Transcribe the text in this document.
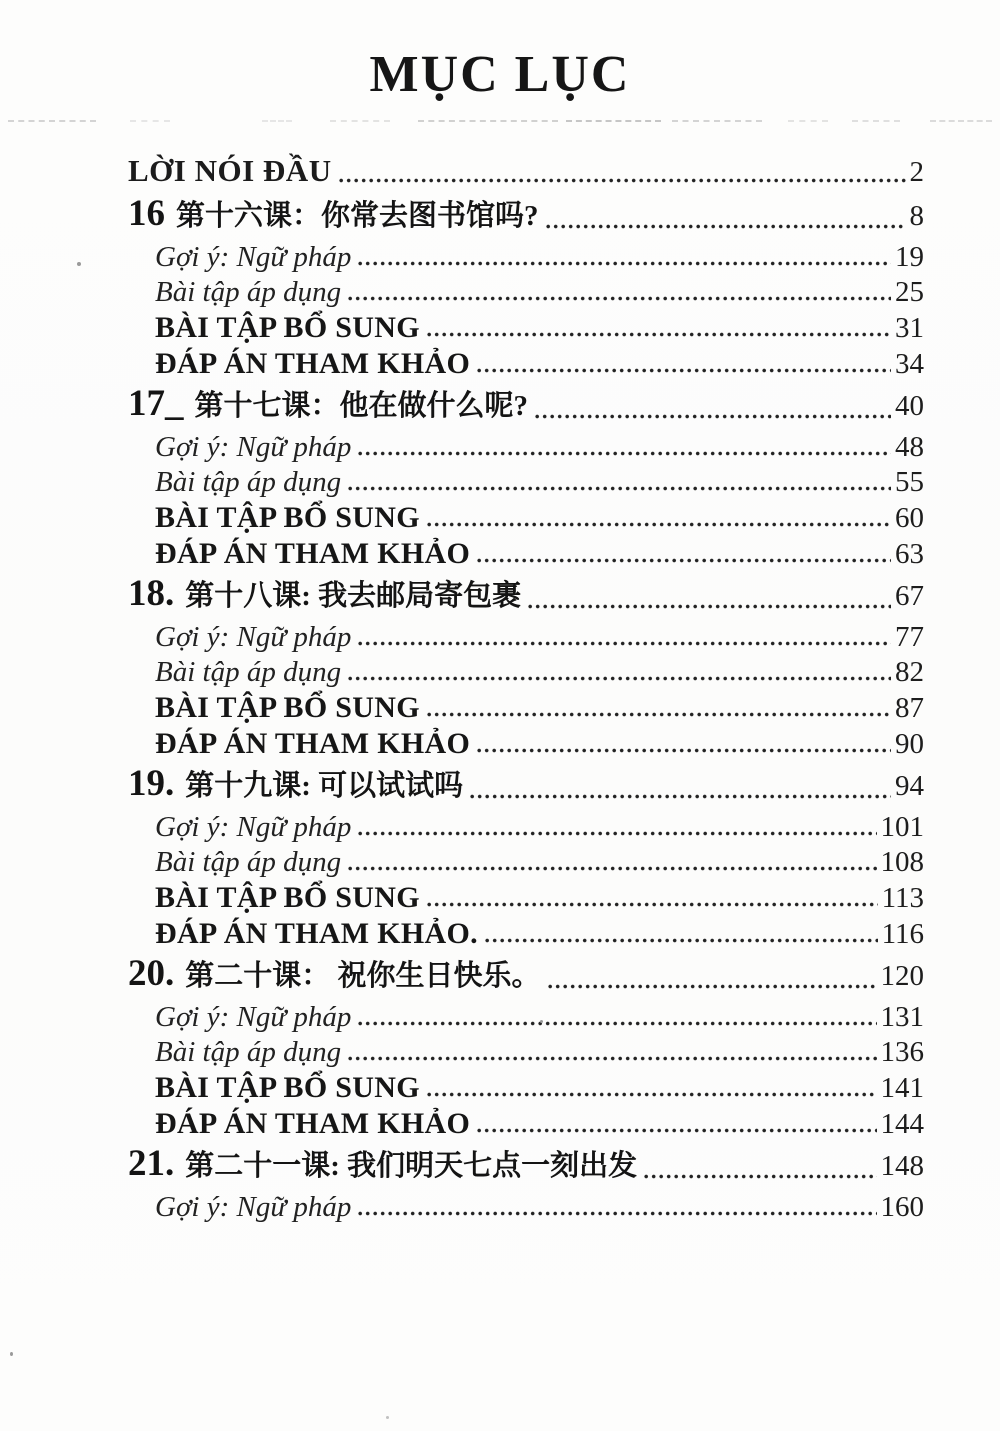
MỤC LỤC
LỜI NÓI ĐẦU	2
16 第十六课：你常去图书馆吗?	8
Gợi ý: Ngữ pháp	19
Bài tập áp dụng	25
BÀI TẬP BỔ SUNG	31
ĐÁP ÁN THAM KHẢO	34
17_ 第十七课：他在做什么呢?	40
Gợi ý: Ngữ pháp	48
Bài tập áp dụng	55
BÀI TẬP BỔ SUNG	60
ĐÁP ÁN THAM KHẢO	63
18. 第十八课: 我去邮局寄包裹	67
Gợi ý: Ngữ pháp	77
Bài tập áp dụng	82
BÀI TẬP BỔ SUNG	87
ĐÁP ÁN THAM KHẢO	90
19. 第十九课: 可以试试吗	94
Gợi ý: Ngữ pháp	101
Bài tập áp dụng	108
BÀI TẬP BỔ SUNG	113
ĐÁP ÁN THAM KHẢO.	116
20. 第二十课： 祝你生日快乐。	120
Gợi ý: Ngữ pháp	131
Bài tập áp dụng	136
BÀI TẬP BỔ SUNG	141
ĐÁP ÁN THAM KHẢO	144
21. 第二十一课: 我们明天七点一刻出发	148
Gợi ý: Ngữ pháp	160
